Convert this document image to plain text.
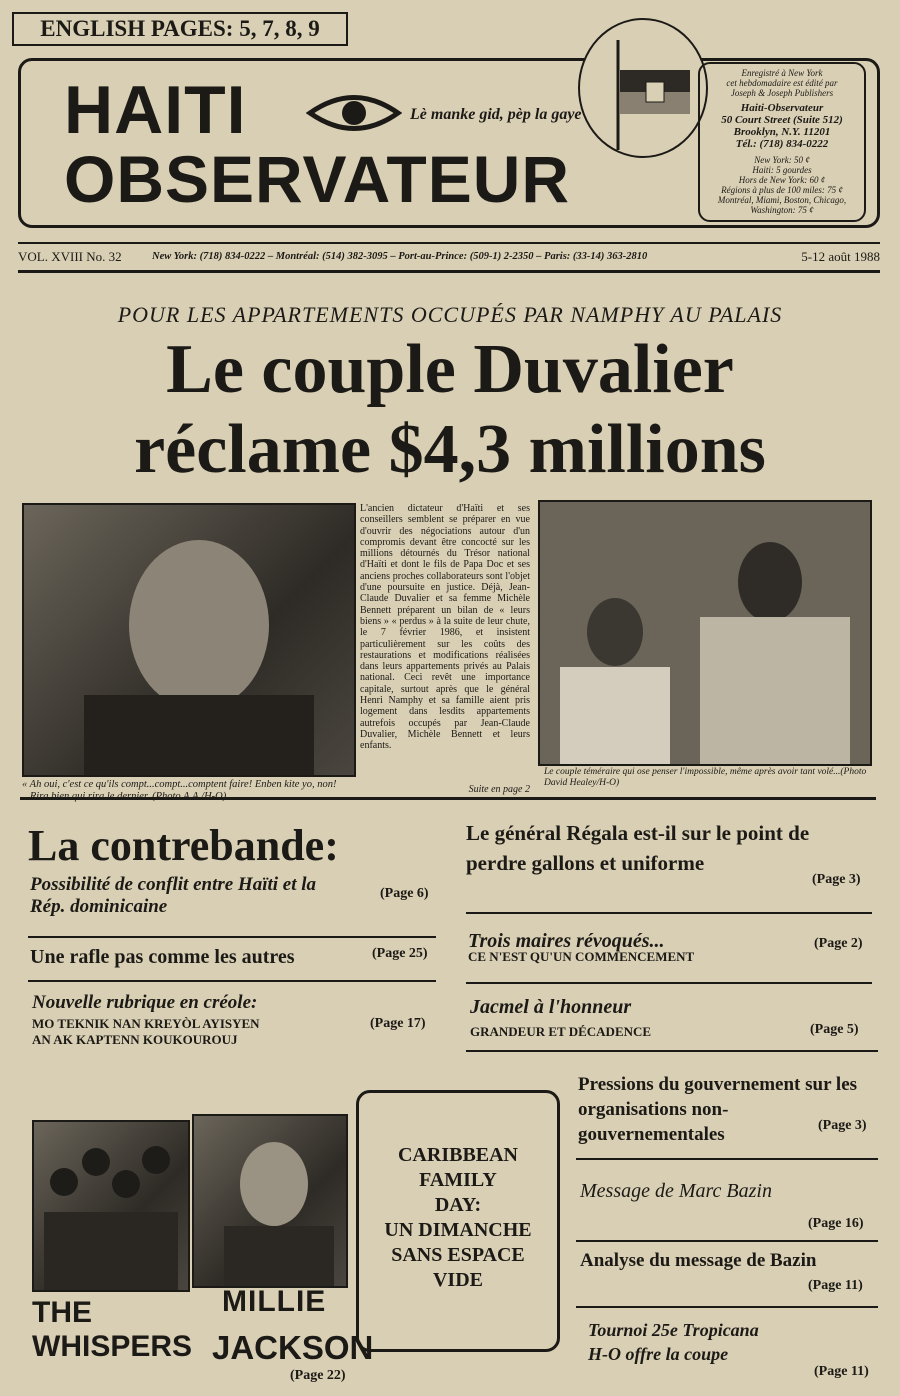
ENGLISH PAGES: 5, 7, 8, 9
HAITI	Lè manke gid, pèp la gaye
OBSERVATEUR
Enregistré à New York
cet hebdomadaire est édité par
Joseph & Joseph Publishers
Haiti-Observateur
50 Court Street (Suite 512)
Brooklyn, N.Y. 11201
Tél.: (718) 834-0222
New York: 50 ¢
Haiti: 5 gourdes
Hors de New York: 60 ¢
Régions à plus de 100 miles: 75 ¢
Montréal, Miami, Boston, Chicago,
Washington: 75 ¢
VOL. XVIII No. 32	New York: (718) 834-0222 – Montréal: (514) 382-3095 – Port-au-Prince: (509-1) 2-2350 – Paris: (33-14) 363-2810	5-12 août 1988
POUR LES APPARTEMENTS OCCUPÉS PAR NAMPHY AU PALAIS
Le couple Duvalier
réclame $4,3 millions
« Ah oui, c'est ce qu'ils compt...compt...comptent faire! Enben kite yo, non!
L'ancien dictateur d'Haïti et ses conseillers semblent se préparer en vue d'ouvrir des négociations autour d'un compromis devant être concocté sur les millions détournés du Trésor national d'Haïti et dont le fils de Papa Doc et ses anciens proches collaborateurs sont l'objet d'une poursuite en justice. Déjà, Jean-Claude Duvalier et sa femme Michèle Bennett préparent un bilan de « leurs biens » « perdus » à la suite de leur chute, le 7 février 1986, et insistent particulièrement sur les coûts des restaurations et modifications réalisées dans leurs appartements privés au Palais national. Ceci revêt une importance capitale, surtout après que le général Henri Namphy et sa famille aient pris logement dans lesdits appartements autrefois occupés par Jean-Claude Duvalier, Michèle Bennett et leurs enfants.
Suite en page 2
Le couple téméraire qui ose penser l'impossible, même après avoir tant volé...(Photo David Healey/H-O)
La contrebande:
Possibilité de conflit entre Haïti et la Rép. dominicaine
(Page 6)
Une rafle pas comme les autres	(Page 25)
Nouvelle rubrique en créole:
MO TEKNIK NAN KREYÒL AYISYEN
AN AK KAPTENN KOUKOUROUJ
(Page 17)
Le général Régala est-il sur le point de perdre gallons et uniforme
(Page 3)
Trois maires révoqués...
CE N'EST QU'UN COMMENCEMENT
(Page 2)
Jacmel à l'honneur
GRANDEUR ET DÉCADENCE	(Page 5)
MILLIE
THE WHISPERS JACKSON
(Page 22)
CARIBBEAN
FAMILY
DAY:
UN DIMANCHE
SANS ESPACE
VIDE
Pressions du gouvernement sur les organisations non-gouvernementales	(Page 3)
Message de Marc Bazin
(Page 16)
Analyse du message de Bazin
(Page 11)
Tournoi 25e Tropicana
H-O offre la coupe
(Page 11)
